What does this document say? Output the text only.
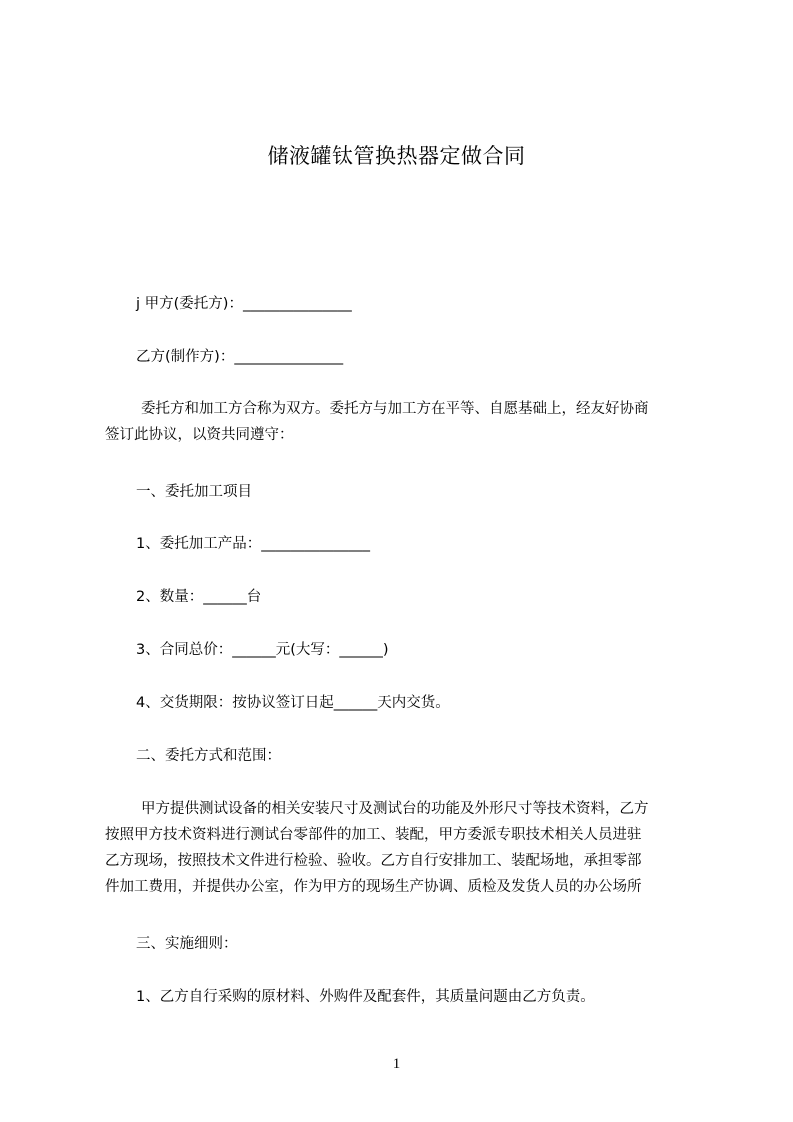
储液罐钛管换热器定做合同
j 甲方(委托方)：_______________
乙方(制作方)：_______________

委托方和加工方合称为双方。委托方与加工方在平等、自愿基础上，经友好协商

签订此协议，以资共同遵守：

一、委托加工项目
1、委托加工产品：_______________
2、数量：______台
3、合同总价：______元(大写：______)
4、交货期限：按协议签订日起______天内交货。
二、委托方式和范围：

甲方提供测试设备的相关安装尺寸及测试台的功能及外形尺寸等技术资料，乙方

按照甲方技术资料进行测试台零部件的加工、装配，甲方委派专职技术相关人员进驻

乙方现场，按照技术文件进行检验、验收。乙方自行安排加工、装配场地，承担零部

件加工费用，并提供办公室，作为甲方的现场生产协调、质检及发货人员的办公场所

三、实施细则：
1、乙方自行采购的原材料、外购件及配套件，其质量问题由乙方负责。
1
